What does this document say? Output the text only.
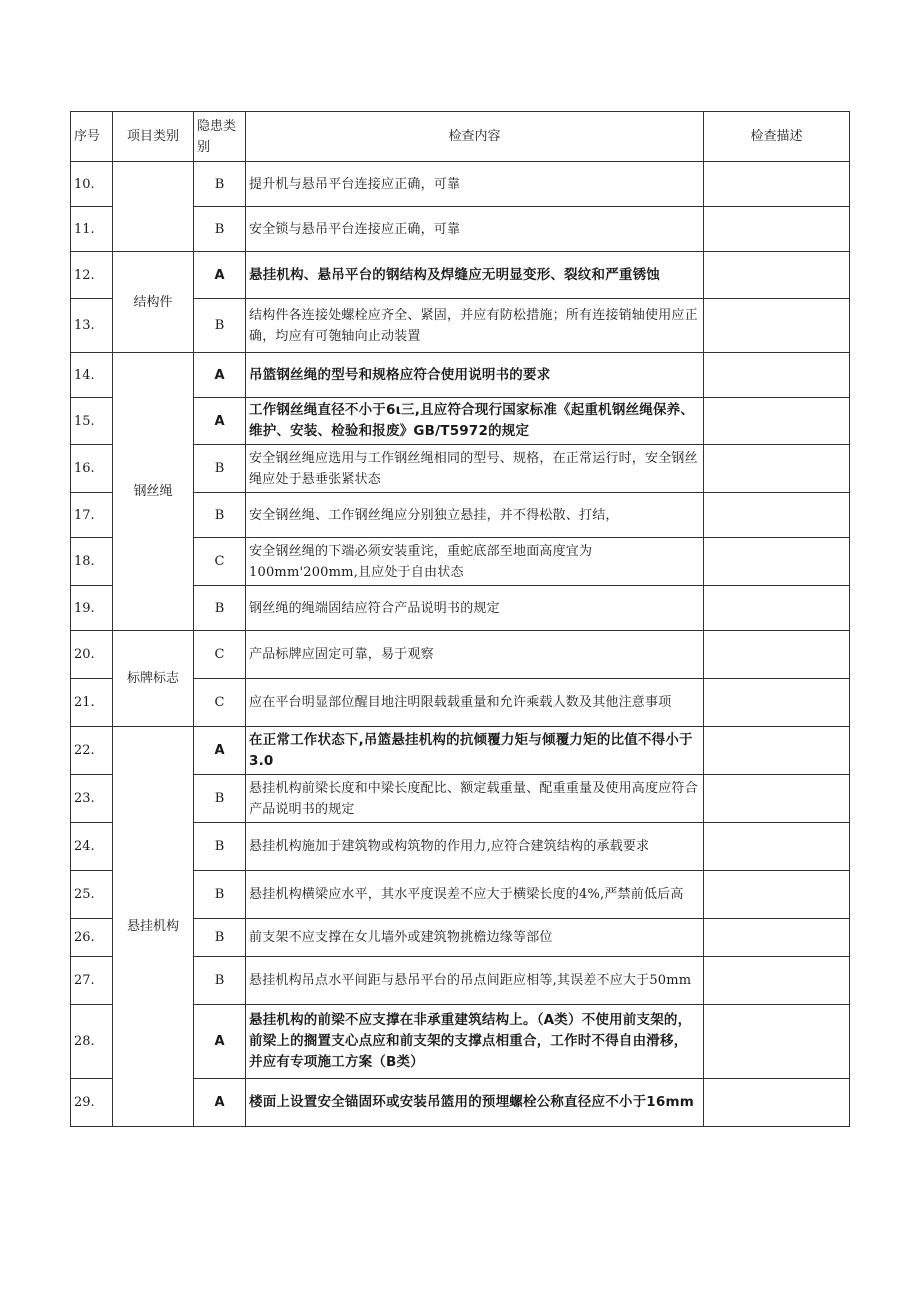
序号	项目类别	隐患类别	检查内容	检查描述
10.		B	提升机与悬吊平台连接应正确，可靠	
11.		B	安全锁与悬吊平台连接应正确，可靠	
12.	结构件	A	悬挂机构、悬吊平台的钢结构及焊缝应无明显变形、裂纹和严重锈蚀	
13.		B	结构件各连接处螺栓应齐全、紧固，并应有防松措施；所有连接销轴使用应正确，均应有可匏轴向止动装置	
14.	钢丝绳	A	吊篮钢丝绳的型号和规格应符合使用说明书的要求	
15.		A	工作钢丝绳直径不小于6ι三,且应符合现行国家标准《起重机钢丝绳保养、维护、安装、检验和报废》GB/T5972的规定	
16.		B	安全钢丝绳应选用与工作钢丝绳相同的型号、规格，在正常运行时，安全钢丝绳应处于悬垂张紧状态	
17.		B	安全钢丝绳、工作钢丝绳应分别独立悬挂，并不得松散、打结，	
18.		C	安全钢丝绳的下端必须安装重诧，重蛇底部至地面高度宜为100mm'200mm,且应处于自由状态	
19.		B	钢丝绳的绳端固结应符合产品说明书的规定	
20.	标牌标志	C	产品标牌应固定可靠，易于观察	
21.		C	应在平台明显部位醒目地注明限载载重量和允许乘载人数及其他注意事项	
22.	悬挂机构	A	在正常工作状态下,吊篮悬挂机构的抗倾覆力矩与倾覆力矩的比值不得小于3.0	
23.		B	悬挂机构前梁长度和中梁长度配比、额定载重量、配重重量及使用高度应符合产品说明书的规定	
24.		B	悬挂机构施加于建筑物或构筑物的作用力,应符合建筑结构的承载要求	
25.		B	悬挂机构横梁应水平，其水平度误差不应大于横梁长度的4%,严禁前低后高	
26.		B	前支架不应支撑在女儿墙外或建筑物挑檐边缘等部位	
27.		B	悬挂机构吊点水平间距与悬吊平台的吊点间距应相等,其误差不应大于50mm	
28.		A	悬挂机构的前梁不应支撑在非承重建筑结构上。（A类）不使用前支架的，前梁上的搁置支心点应和前支架的支撑点相重合，工作时不得自由滑移，并应有专项施工方案（B类）	
29.		A	楼面上设置安全锚固环或安装吊篮用的预埋螺栓公称直径应不小于16mm	
